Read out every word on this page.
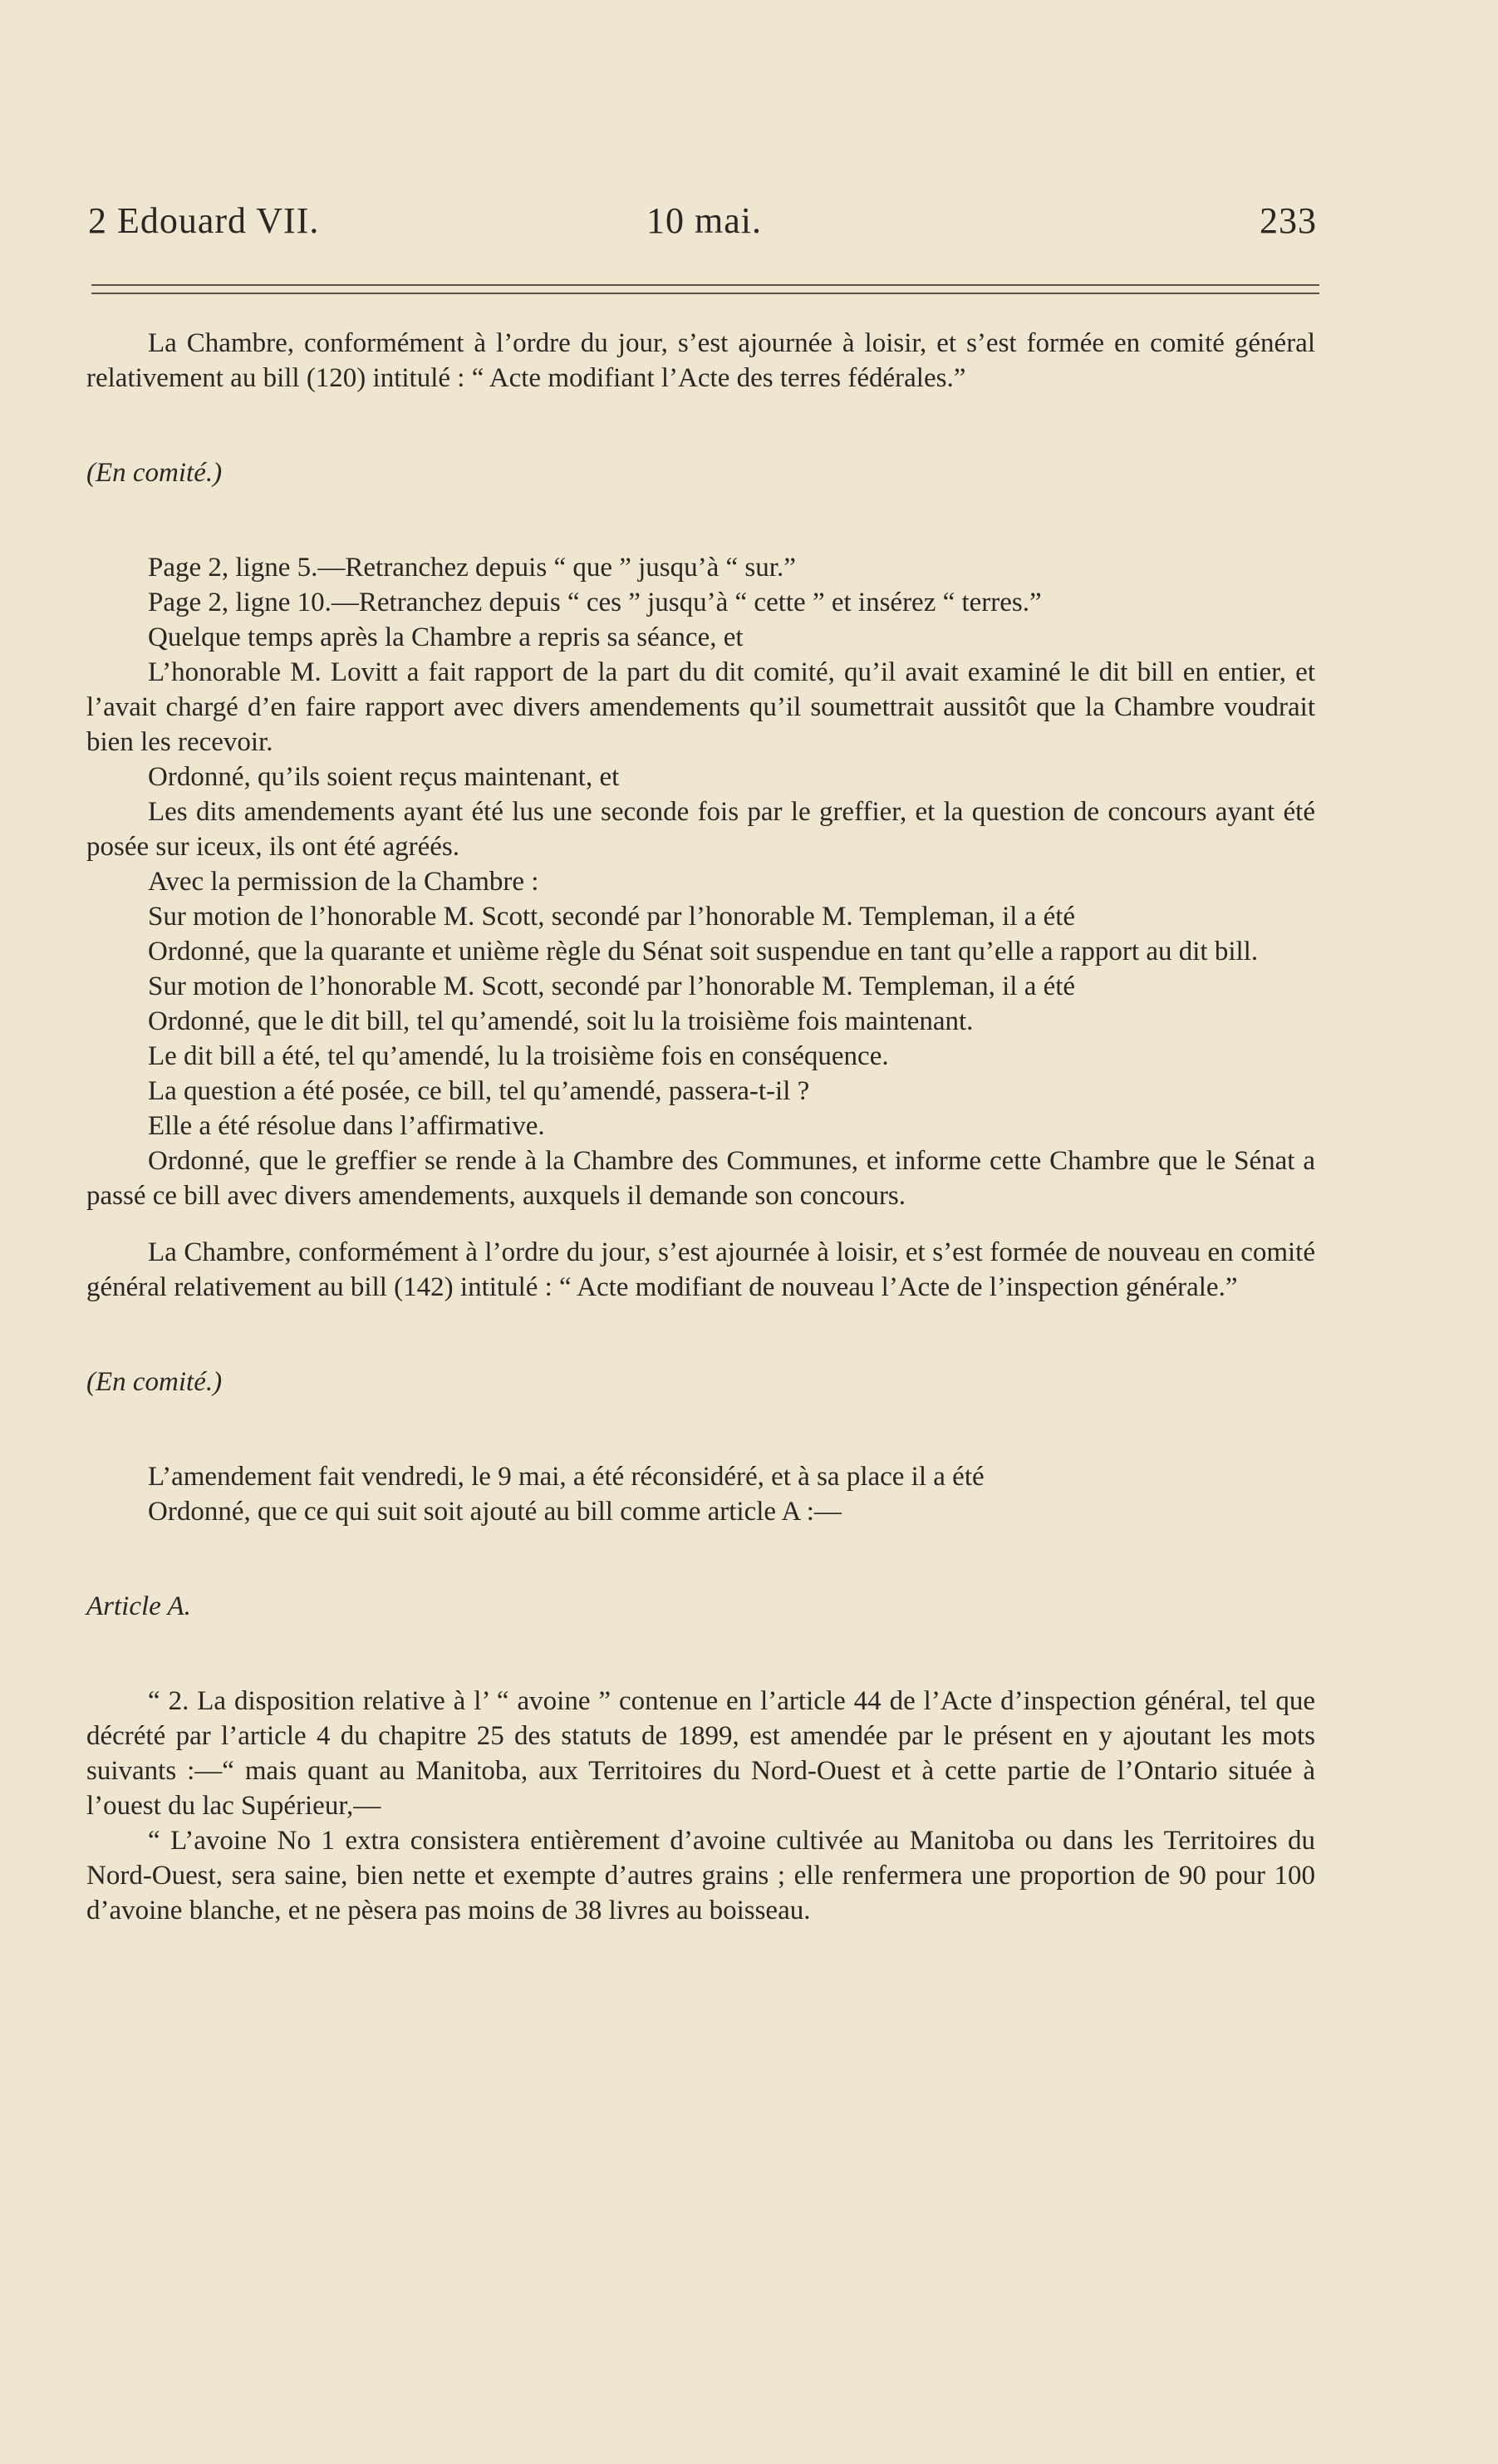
2 Edouard VII.	10 mai.	233

La Chambre, conformément à l’ordre du jour, s’est ajournée à loisir, et s’est formée en comité général relativement au bill (120) intitulé : “ Acte modifiant l’Acte des terres fédérales.”

(En comité.)

Page 2, ligne 5.—Retranchez depuis “ que ” jusqu’à “ sur.”

Page 2, ligne 10.—Retranchez depuis “ ces ” jusqu’à “ cette ” et insérez “ terres.”

Quelque temps après la Chambre a repris sa séance, et

L’honorable M. Lovitt a fait rapport de la part du dit comité, qu’il avait examiné le dit bill en entier, et l’avait chargé d’en faire rapport avec divers amendements qu’il soumettrait aussitôt que la Chambre voudrait bien les recevoir.

Ordonné, qu’ils soient reçus maintenant, et

Les dits amendements ayant été lus une seconde fois par le greffier, et la question de concours ayant été posée sur iceux, ils ont été agréés.

Avec la permission de la Chambre :

Sur motion de l’honorable M. Scott, secondé par l’honorable M. Templeman, il a été

Ordonné, que la quarante et unième règle du Sénat soit suspendue en tant qu’elle a rapport au dit bill.

Sur motion de l’honorable M. Scott, secondé par l’honorable M. Templeman, il a été

Ordonné, que le dit bill, tel qu’amendé, soit lu la troisième fois maintenant.

Le dit bill a été, tel qu’amendé, lu la troisième fois en conséquence.

La question a été posée, ce bill, tel qu’amendé, passera-t-il ?

Elle a été résolue dans l’affirmative.

Ordonné, que le greffier se rende à la Chambre des Communes, et informe cette Chambre que le Sénat a passé ce bill avec divers amendements, auxquels il demande son concours.

La Chambre, conformément à l’ordre du jour, s’est ajournée à loisir, et s’est formée de nouveau en comité général relativement au bill (142) intitulé : “ Acte modifiant de nouveau l’Acte de l’inspection générale.”

(En comité.)

L’amendement fait vendredi, le 9 mai, a été réconsidéré, et à sa place il a été

Ordonné, que ce qui suit soit ajouté au bill comme article A :—

Article A.

“ 2. La disposition relative à l’ “ avoine ” contenue en l’article 44 de l’Acte d’inspection général, tel que décrété par l’article 4 du chapitre 25 des statuts de 1899, est amendée par le présent en y ajoutant les mots suivants :—“ mais quant au Manitoba, aux Territoires du Nord-Ouest et à cette partie de l’Ontario située à l’ouest du lac Supérieur,—

“ L’avoine No 1 extra consistera entièrement d’avoine cultivée au Manitoba ou dans les Territoires du Nord-Ouest, sera saine, bien nette et exempte d’autres grains ; elle renfermera une proportion de 90 pour 100 d’avoine blanche, et ne pèsera pas moins de 38 livres au boisseau.
